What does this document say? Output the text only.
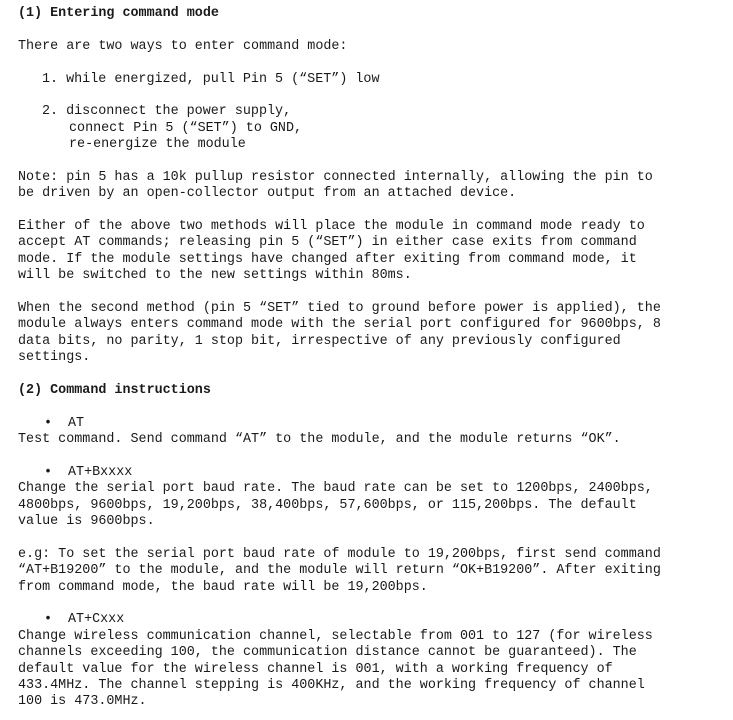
(1) Entering command mode
There are two ways to enter command mode:
1. while energized, pull Pin 5 (“SET”) low
2. disconnect the power supply,
connect Pin 5 (“SET”) to GND,
re-energize the module
Note: pin 5 has a 10k pullup resistor connected internally, allowing the pin to
be driven by an open-collector output from an attached device.
Either of the above two methods will place the module in command mode ready to
accept AT commands; releasing pin 5 (“SET”) in either case exits from command
mode. If the module settings have changed after exiting from command mode, it
will be switched to the new settings within 80ms.
When the second method (pin 5 “SET” tied to ground before power is applied), the
module always enters command mode with the serial port configured for 9600bps, 8
data bits, no parity, 1 stop bit, irrespective of any previously configured
settings.
(2) Command instructions
• AT
Test command. Send command “AT” to the module, and the module returns “OK”.
• AT+Bxxxx
Change the serial port baud rate. The baud rate can be set to 1200bps, 2400bps,
4800bps, 9600bps, 19,200bps, 38,400bps, 57,600bps, or 115,200bps. The default
value is 9600bps.
e.g: To set the serial port baud rate of module to 19,200bps, first send command
“AT+B19200” to the module, and the module will return “OK+B19200”. After exiting
from command mode, the baud rate will be 19,200bps.
• AT+Cxxx
Change wireless communication channel, selectable from 001 to 127 (for wireless
channels exceeding 100, the communication distance cannot be guaranteed). The
default value for the wireless channel is 001, with a working frequency of
433.4MHz. The channel stepping is 400KHz, and the working frequency of channel
100 is 473.0MHz.
